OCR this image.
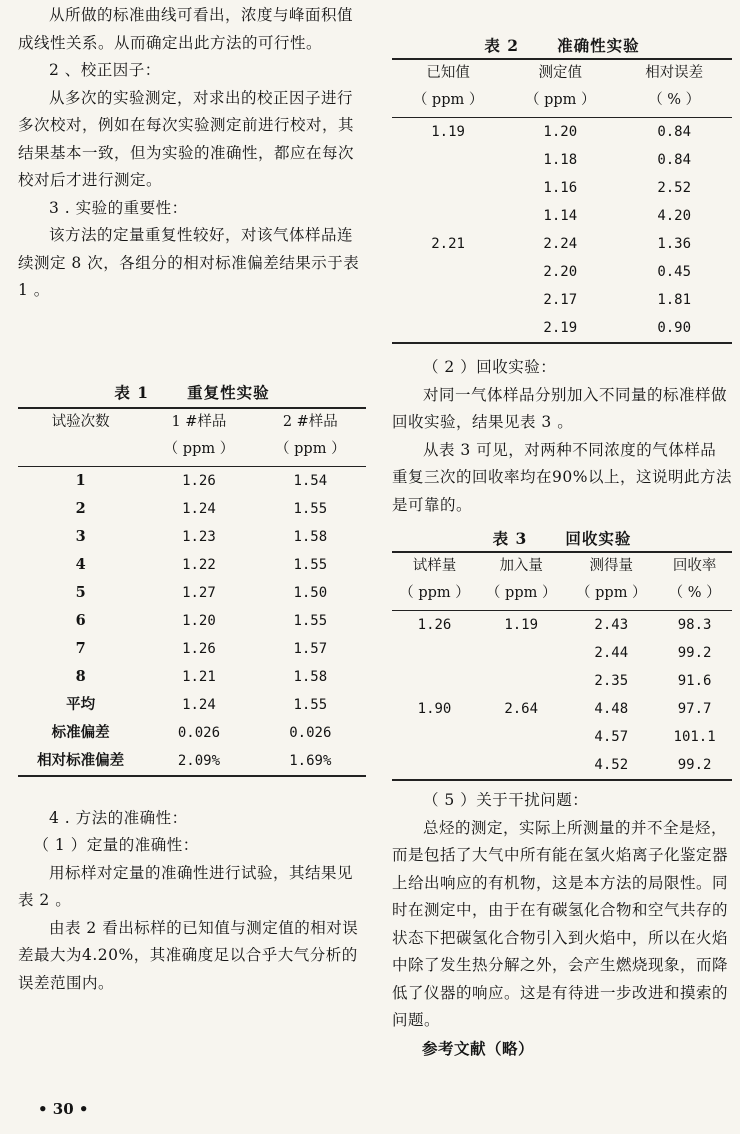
从所做的标准曲线可看出，浓度与峰面积值成线性关系。从而确定出此方法的可行性。

2 、校正因子：

从多次的实验测定，对求出的校正因子进行多次校对，例如在每次实验测定前进行校对，其结果基本一致，但为实验的准确性，都应在每次校对后才进行测定。

3 . 实验的重要性：

该方法的定量重复性较好，对该气体样品连续测定 8 次，各组分的相对标准偏差结果示于表 1 。

表 1 重复性实验
试验次数	1 #样品	2 #样品
	（ ppm ）	（ ppm ）
1	1.26	1.54
2	1.24	1.55
3	1.23	1.58
4	1.22	1.55
5	1.27	1.50
6	1.20	1.55
7	1.26	1.57
8	1.21	1.58
平均	1.24	1.55
标准偏差	0.026	0.026
相对标准偏差	2.09%	1.69%

4 . 方法的准确性：

（ 1 ）定量的准确性：

用标样对定量的准确性进行试验，其结果见表 2 。

由表 2 看出标样的已知值与测定值的相对误差最大为4.20%，其准确度足以合乎大气分析的误差范围内。

• 30 •
表 2 准确性实验
已知值	测定值	相对误差
（ ppm ）	（ ppm ）	（ % ）
1.19	1.20	0.84
	1.18	0.84
	1.16	2.52
	1.14	4.20
2.21	2.24	1.36
	2.20	0.45
	2.17	1.81
	2.19	0.90

（ 2 ）回收实验：

对同一气体样品分别加入不同量的标准样做回收实验，结果见表 3 。

从表 3 可见，对两种不同浓度的气体样品重复三次的回收率均在90%以上，这说明此方法是可靠的。

表 3 回收实验
试样量	加入量	测得量	回收率
（ ppm ）	（ ppm ）	（ ppm ）	（ % ）
1.26	1.19	2.43	98.3
		2.44	99.2
		2.35	91.6
1.90	2.64	4.48	97.7
		4.57	101.1
		4.52	99.2

（ 5 ）关于干扰问题：

总烃的测定，实际上所测量的并不全是烃，而是包括了大气中所有能在氢火焰离子化鉴定器上给出响应的有机物，这是本方法的局限性。同时在测定中，由于在有碳氢化合物和空气共存的状态下把碳氢化合物引入到火焰中，所以在火焰中除了发生热分解之外，会产生燃烧现象，而降低了仪器的响应。这是有待进一步改进和摸索的问题。

参考文献（略）
